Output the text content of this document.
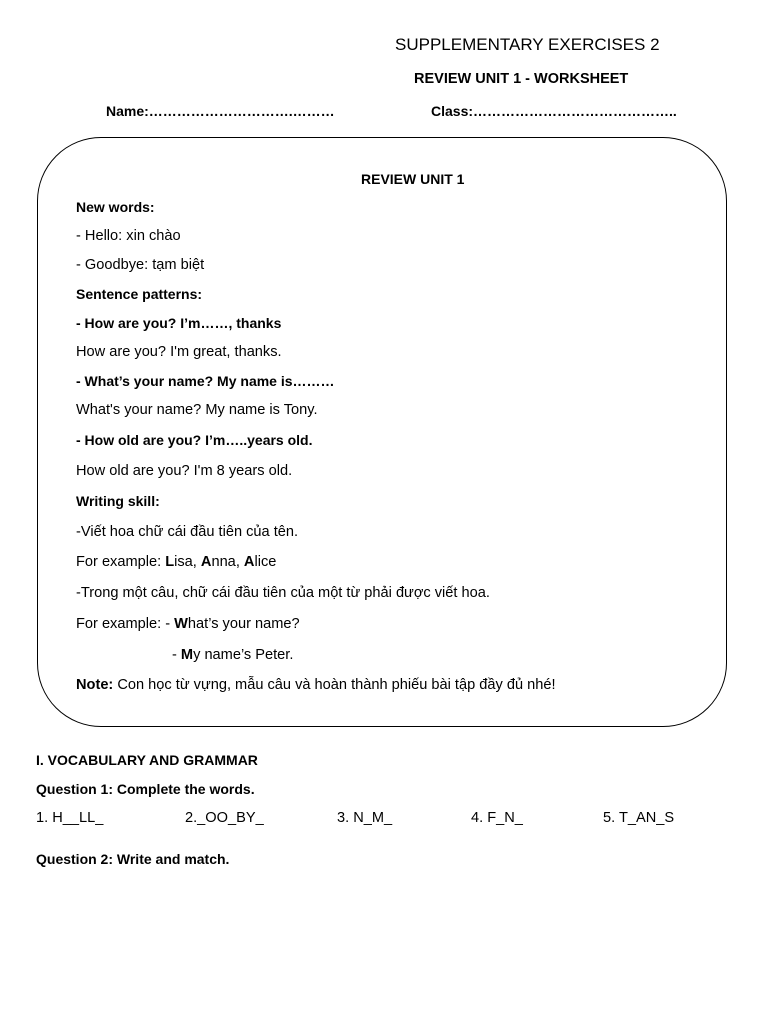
SUPPLEMENTARY EXERCISES 2
REVIEW UNIT 1 - WORKSHEET
Name:………………………….………	Class:……………………………………..
REVIEW UNIT 1
New words:
- Hello: xin chào
- Goodbye: tạm biệt
Sentence patterns:
- How are you? I’m……, thanks
How are you? I'm great, thanks.
- What’s your name? My name is………
What's your name? My name is Tony.
- How old are you? I’m…..years old.
How old are you? I'm 8 years old.
Writing skill:
-Viết hoa chữ cái đầu tiên của tên.
For example: Lisa, Anna, Alice
-Trong một câu, chữ cái đầu tiên của một từ phải được viết hoa.
For example: - What’s your name?
- My name’s Peter.
Note: Con học từ vựng, mẫu câu và hoàn thành phiếu bài tập đầy đủ nhé!
I. VOCABULARY AND GRAMMAR
Question 1: Complete the words.
1. H__LL_	2._OO_BY_	3. N_M_	4. F_N_	5. T_AN_S
Question 2: Write and match.
